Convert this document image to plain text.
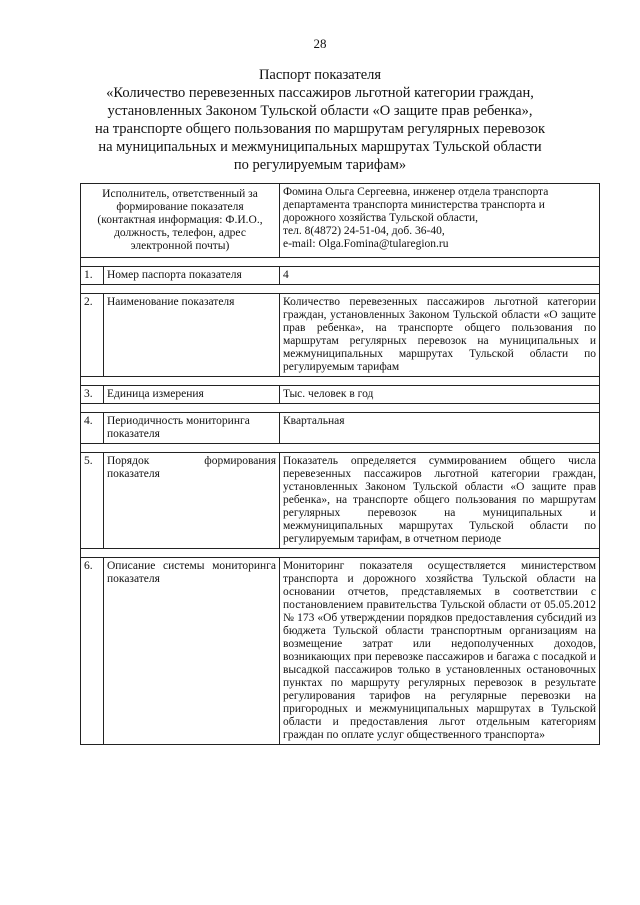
28
Паспорт показателя
«Количество перевезенных пассажиров льготной категории граждан,
установленных Законом Тульской области «О защите прав ребенка»,
на транспорте общего пользования по маршрутам регулярных перевозок
на муниципальных и межмуниципальных маршрутах Тульской области
по регулируемым тарифам»
Исполнитель, ответственный за формирование показателя (контактная информация: Ф.И.О., должность, телефон, адрес электронной почты)		Фомина Ольга Сергеевна, инженер отдела транспорта
департамента транспорта министерства транспорта и
дорожного хозяйства Тульской области,
тел. 8(4872) 24-51-04, доб. 36-40,
e-mail: Olga.Fomina@tularegion.ru

1.	Номер паспорта показателя	4

2.	Наименование показателя	Количество перевезенных пассажиров льготной категории граждан, установленных Законом Тульской области «О защите прав ребенка», на транспорте общего пользования по маршрутам регулярных перевозок на муниципальных и межмуниципальных маршрутах Тульской области по регулируемым тарифам

3.	Единица измерения	Тыс. человек в год

4.	Периодичность мониторинга показателя	Квартальная

5.	Порядок формирования показателя	Показатель определяется суммированием общего числа перевезенных пассажиров льготной категории граждан, установленных Законом Тульской области «О защите прав ребенка», на транспорте общего пользования по маршрутам регулярных перевозок на муниципальных и межмуниципальных маршрутах Тульской области по регулируемым тарифам, в отчетном периоде

6.	Описание системы мониторинга показателя	Мониторинг показателя осуществляется министерством транспорта и дорожного хозяйства Тульской области на основании отчетов, представляемых в соответствии с постановлением правительства Тульской области от 05.05.2012 № 173 «Об утверждении порядков предоставления субсидий из бюджета Тульской области транспортным организациям на возмещение затрат или недополученных доходов, возникающих при перевозке пассажиров и багажа с посадкой и высадкой пассажиров только в установленных остановочных пунктах по маршруту регулярных перевозок в результате регулирования тарифов на регулярные перевозки на пригородных и межмуниципальных маршрутах в Тульской области и предоставления льгот отдельным категориям граждан по оплате услуг общественного транспорта»
